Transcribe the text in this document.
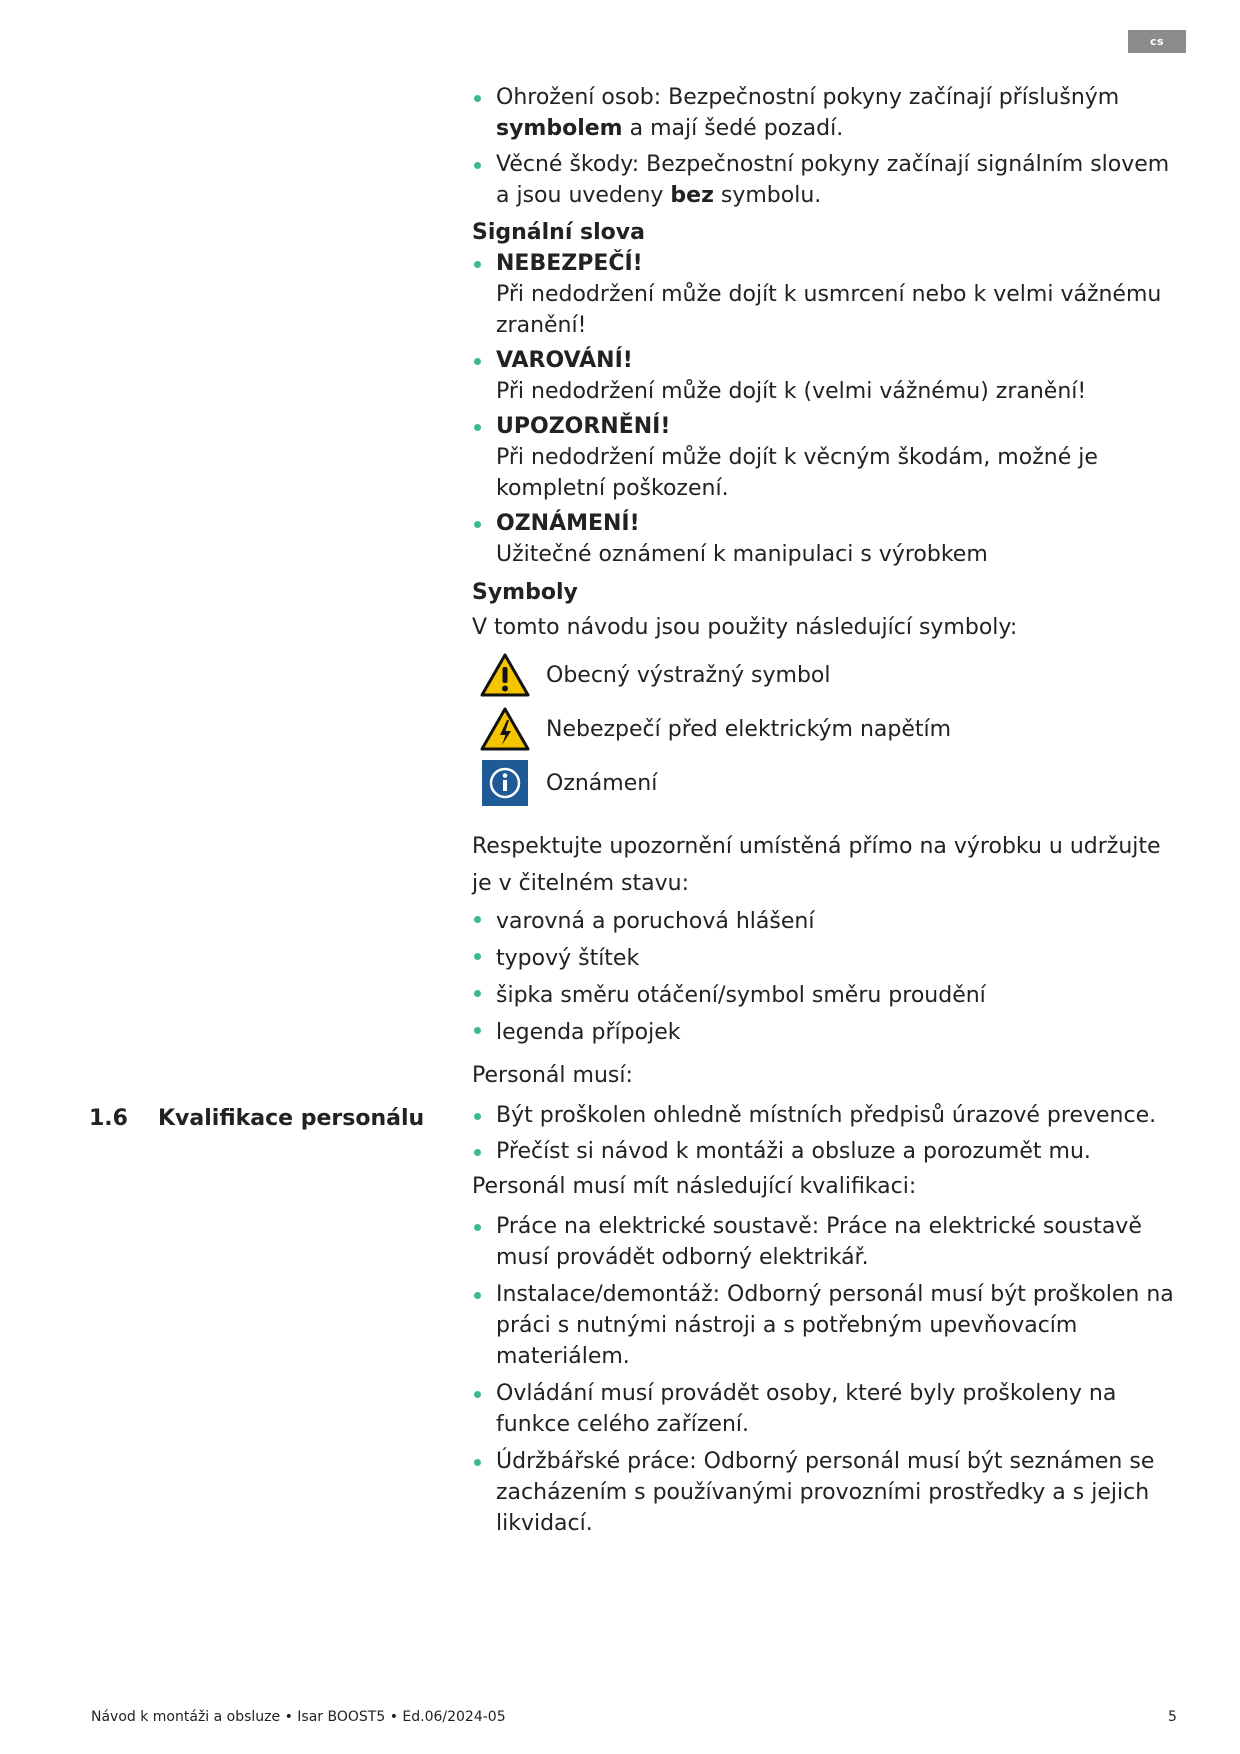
cs
Ohrožení osob: Bezpečnostní pokyny začínají příslušným symbolem a mají šedé pozadí.
Věcné škody: Bezpečnostní pokyny začínají signálním slovem a jsou uvedeny bez symbolu.
Signální slova
NEBEZPEČÍ!
Při nedodržení může dojít k usmrcení nebo k velmi vážnému zranění!
VAROVÁNÍ!
Při nedodržení může dojít k (velmi vážnému) zranění!
UPOZORNĚNÍ!
Při nedodržení může dojít k věcným škodám, možné je kompletní poškození.
OZNÁMENÍ!
Užitečné oznámení k manipulaci s výrobkem
Symboly
V tomto návodu jsou použity následující symboly:
Obecný výstražný symbol
Nebezpečí před elektrickým napětím
Oznámení
Respektujte upozornění umístěná přímo na výrobku u udržujte je v čitelném stavu:
varovná a poruchová hlášení
typový štítek
šipka směru otáčení/symbol směru proudění
legenda přípojek
Personál musí:
Být proškolen ohledně místních předpisů úrazové prevence.
Přečíst si návod k montáži a obsluze a porozumět mu.
Personál musí mít následující kvalifikaci:
Práce na elektrické soustavě: Práce na elektrické soustavě musí provádět odborný elektrikář.
Instalace/demontáž: Odborný personál musí být proškolen na práci s nutnými nástroji a s potřebným upevňovacím materiálem.
Ovládání musí provádět osoby, které byly proškoleny na funkce celého zařízení.
Údržbářské práce: Odborný personál musí být seznámen se zacházením s používanými provozními prostředky a s jejich likvidací.
1.6 Kvalifikace personálu
Návod k montáži a obsluze • Isar BOOST5 • Ed.06/2024-05	5
